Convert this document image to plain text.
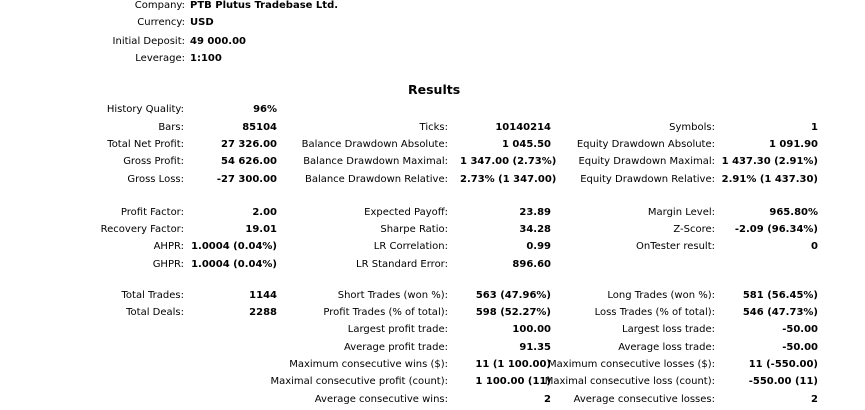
Company: PTB Plutus Tradebase Ltd.
Currency: USD
Initial Deposit: 49 000.00
Leverage: 1:100
Results
History Quality:	96%
Bars:	85104
Total Net Profit:	27 326.00
Gross Profit:	54 626.00
Gross Loss:	-27 300.00
Profit Factor:	2.00
Recovery Factor:	19.01
AHPR: 1.0004 (0.04%)
GHPR: 1.0004 (0.04%)
Total Trades:	1144
Total Deals:	2288
Ticks:	10140214
Balance Drawdown Absolute:	1 045.50
Balance Drawdown Maximal: 1 347.00 (2.73%)
Balance Drawdown Relative: 2.73% (1 347.00)
Expected Payoff:	23.89
Sharpe Ratio:	34.28
LR Correlation:	0.99
LR Standard Error:	896.60
Short Trades (won %):	563 (47.96%)
Profit Trades (% of total):	598 (52.27%)
Largest profit trade:	100.00
Average profit trade:	91.35
Maximum consecutive wins ($):	11 (1 100.00)
Maximal consecutive profit (count):	1 100.00 (11)
Average consecutive wins:	2
Symbols:	1
Equity Drawdown Absolute:	1 091.90
Equity Drawdown Maximal: 1 437.30 (2.91%)
Equity Drawdown Relative: 2.91% (1 437.30)
Margin Level:	965.80%
Z-Score:	-2.09 (96.34%)
OnTester result:	0
Long Trades (won %):	581 (56.45%)
Loss Trades (% of total):	546 (47.73%)
Largest loss trade:	-50.00
Average loss trade:	-50.00
Maximum consecutive losses ($):	11 (-550.00)
Maximal consecutive loss (count):	-550.00 (11)
Average consecutive losses:	2
